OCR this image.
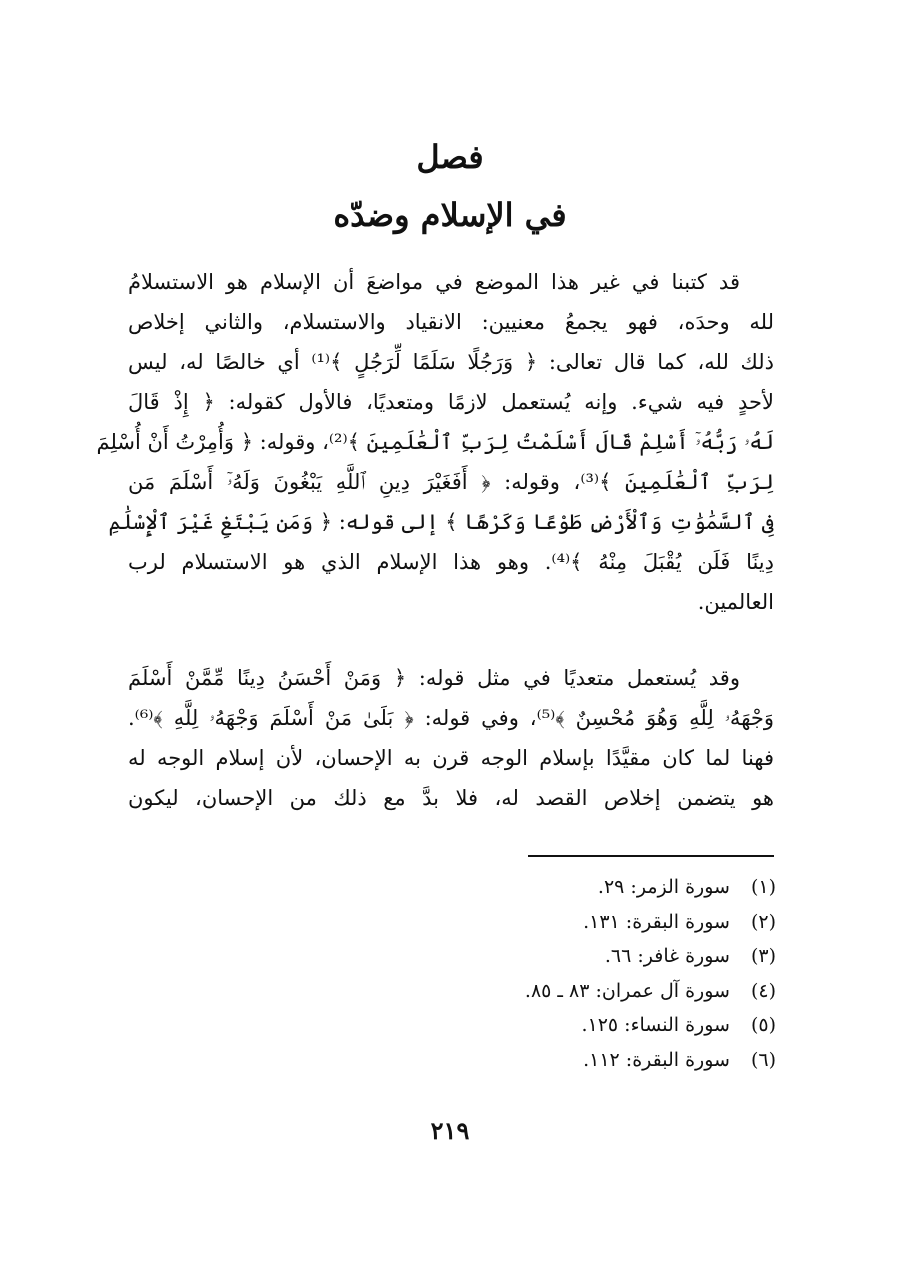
فصل
في الإسلام وضدّه
قد كتبنا في غير هذا الموضع في مواضعَ أن الإسلام هو الاستسلامُ
لله وحدَه، فهو يجمعُ معنيين: الانقياد والاستسلام، والثاني إخلاص
ذلك لله، كما قال تعالى: ﴿ وَرَجُلًا سَلَمًا لِّرَجُلٍ ﴾⁽¹⁾ أي خالصًا له، ليس
لأحدٍ فيه شيء. وإنه يُستعمل لازمًا ومتعديًا، فالأول كقوله: ﴿ إِذْ قَالَ
لَهُۥ رَبُّهُۥٓ أَسْلِمْ قَالَ أَسْلَمْتُ لِرَبِّ ٱلْعَٰلَمِينَ ﴾⁽²⁾، وقوله: ﴿ وَأُمِرْتُ أَنْ أُسْلِمَ
لِرَبِّ ٱلْعَٰلَمِينَ ﴾⁽³⁾، وقوله: ﴿ أَفَغَيْرَ دِينِ ٱللَّهِ يَبْغُونَ وَلَهُۥٓ أَسْلَمَ مَن
فِى ٱلسَّمَٰوَٰتِ وَٱلْأَرْضِ طَوْعًا وَكَرْهًا ﴾ إلى قوله: ﴿ وَمَن يَبْتَغِ غَيْرَ ٱلْإِسْلَٰمِ
دِينًا فَلَن يُقْبَلَ مِنْهُ ﴾⁽⁴⁾. وهو هذا الإسلام الذي هو الاستسلام لرب
العالمين.
وقد يُستعمل متعديًا في مثل قوله: ﴿ وَمَنْ أَحْسَنُ دِينًا مِّمَّنْ أَسْلَمَ
وَجْهَهُۥ لِلَّهِ وَهُوَ مُحْسِنٌ ﴾⁽⁵⁾، وفي قوله: ﴿ بَلَىٰ مَنْ أَسْلَمَ وَجْهَهُۥ لِلَّهِ ﴾⁽⁶⁾.
فهنا لما كان مقيَّدًا بإسلام الوجه قرن به الإحسان، لأن إسلام الوجه له
هو يتضمن إخلاص القصد له، فلا بدَّ مع ذلك من الإحسان، ليكون
(١) سورة الزمر: ٢٩.
(٢) سورة البقرة: ١٣١.
(٣) سورة غافر: ٦٦.
(٤) سورة آل عمران: ٨٣ ـ ٨٥.
(٥) سورة النساء: ١٢٥.
(٦) سورة البقرة: ١١٢.
٢١٩
